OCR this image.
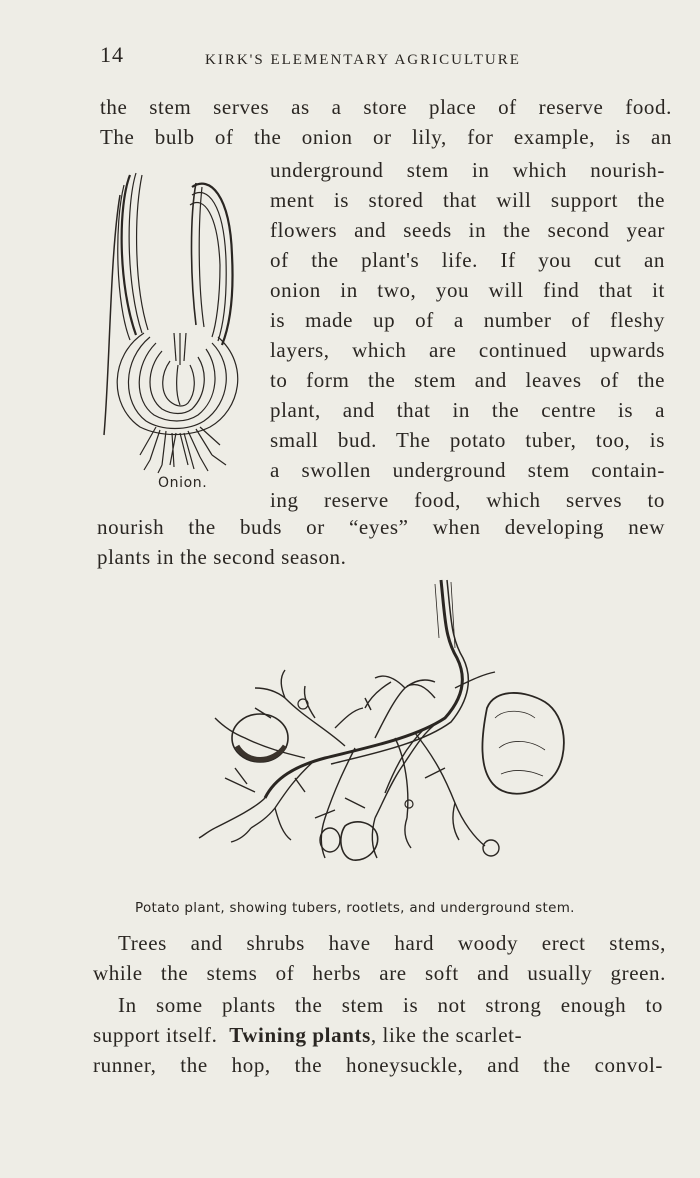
14	KIRK'S ELEMENTARY AGRICULTURE
the stem serves as a store place of reserve food.
The bulb of the onion or lily, for example, is an
underground stem in which nourish-
ment is stored that will support the
flowers and seeds in the second year
of the plant's life. If you cut an
onion in two, you will find that it
is made up of a number of fleshy
layers, which are continued upwards
to form the stem and leaves of the
plant, and that in the centre is a
small bud. The potato tuber, too, is
a swollen underground stem contain-
ing reserve food, which serves to
nourish the buds or “eyes” when developing new
plants in the second season.
Onion.
Potato plant, showing tubers, rootlets, and underground stem.
Trees and shrubs have hard woody erect stems,
while the stems of herbs are soft and usually green.
In some plants the stem is not strong enough to
support itself. Twining plants, like the scarlet-
runner, the hop, the honeysuckle, and the convol-
